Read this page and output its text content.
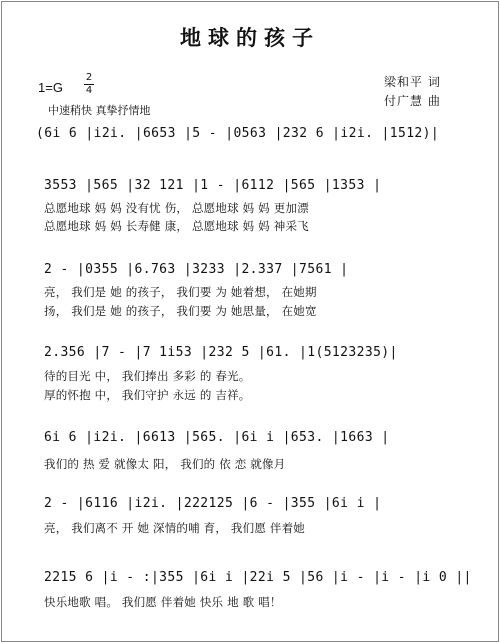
地球的孩子
1=G
2
4
中速稍快 真挚抒情地
梁和平 词
付广慧 曲
(6i 6 |i2i. |6653 |5 - |0563 |232 6 |i2i. |1512)|
3553 |565 |32 121 |1 - |6112 |565 |1353 |
总愿地球 妈 妈 没有忧 伤， 总愿地球 妈 妈 更加漂
总愿地球 妈 妈 长寿健 康， 总愿地球 妈 妈 神采飞
2 - |0355 |6.763 |3233 |2.337 |7561 |
亮， 我们是 她 的孩子， 我们要 为 她着想， 在她期
扬， 我们是 她 的孩子， 我们要 为 她思量， 在她宽
2.356 |7 - |7 1i53 |232 5 |61. |1(5123235)|
待的目光 中， 我们捧出 多彩 的 春光。
厚的怀抱 中， 我们守护 永远 的 吉祥。
6i 6 |i2i. |6613 |565. |6i i |653. |1663 |
我们的 热 爱 就像太 阳， 我们的 依 恋 就像月
2 - |6116 |i2i. |222125 |6 - |355 |6i i |
亮， 我们离不 开 她 深情的哺 育， 我们愿 伴着她
2215 6 |i - :|355 |6i i |22i 5 |56 |i - |i - |i 0 ||
快乐地歌 唱。 我们愿 伴着她 快乐 地 歌 唱！
